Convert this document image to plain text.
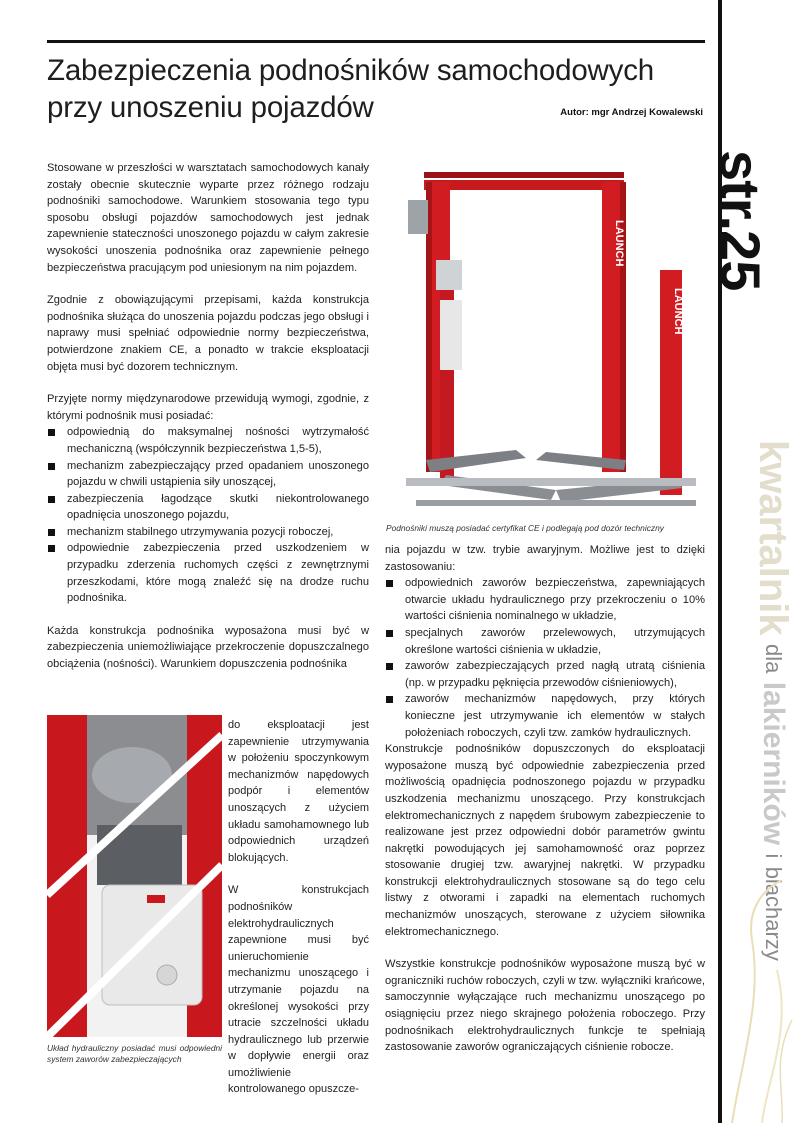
Zabezpieczenia podnośników samochodowych
przy unoszeniu pojazdów	Autor: mgr Andrzej Kowalewski
str.25
kwartalnik dla lakierników i blacharzy
LAUNCH
LAUNCH
Podnośniki muszą posiadać certyfikat CE i podlegają pod dozór techniczny
Układ hydrauliczny posiadać musi odpowiedni system zaworów zabezpieczających

Stosowane w przeszłości w warsztatach samochodowych kanały zostały obecnie skutecznie wyparte przez różnego rodzaju podnośniki samochodowe. Warunkiem stosowania tego typu sposobu obsługi pojazdów samochodowych jest jednak zapewnienie stateczności unoszonego pojazdu w całym zakresie wysokości unoszenia podnośnika oraz zapewnienie pełnego bezpieczeństwa pracującym pod uniesionym na nim pojazdem.

Zgodnie z obowiązującymi przepisami, każda konstrukcja podnośnika służąca do unoszenia pojazdu podczas jego obsługi i naprawy musi spełniać odpowiednie normy bezpieczeństwa, potwierdzone znakiem CE, a ponadto w trakcie eksploatacji objęta musi być dozorem technicznym.

Przyjęte normy międzynarodowe przewidują wymogi, zgodnie, z którymi podnośnik musi posiadać:

odpowiednią do maksymalnej nośności wytrzymałość mechaniczną (współczynnik bezpieczeństwa 1,5-5),
mechanizm zabezpieczający przed opadaniem unoszonego pojazdu w chwili ustąpienia siły unoszącej,
zabezpieczenia łagodzące skutki niekontrolowanego opadnięcia unoszonego pojazdu,
mechanizm stabilnego utrzymywania pozycji roboczej,
odpowiednie zabezpieczenia przed uszkodzeniem w przypadku zderzenia ruchomych części z zewnętrznymi przeszkodami, które mogą znaleźć się na drodze ruchu podnośnika.

Każda konstrukcja podnośnika wyposażona musi być w zabezpieczenia uniemożliwiające przekroczenie dopuszczalnego obciążenia (nośności). Warunkiem dopuszczenia podnośnika

do eksploatacji jest zapewnienie utrzymywania w położeniu spoczynkowym mechanizmów napędowych podpór i elementów unoszących z użyciem układu samohamownego lub odpowiednich urządzeń blokujących.

W konstrukcjach podnośników elektrohydraulicznych zapewnione musi być unieruchomienie mechanizmu unoszącego i utrzymanie pojazdu na określonej wysokości przy utracie szczelności układu hydraulicznego lub przerwie w dopływie energii oraz umożliwienie kontrolowanego opuszcze-

nia pojazdu w tzw. trybie awaryjnym. Możliwe jest to dzięki zastosowaniu:

odpowiednich zaworów bezpieczeństwa, zapewniających otwarcie układu hydraulicznego przy przekroczeniu o 10% wartości ciśnienia nominalnego w układzie,
specjalnych zaworów przelewowych, utrzymujących określone wartości ciśnienia w układzie,
zaworów zabezpieczających przed nagłą utratą ciśnienia (np. w przypadku pęknięcia przewodów ciśnieniowych),
zaworów mechanizmów napędowych, przy których konieczne jest utrzymywanie ich elementów w stałych położeniach roboczych, czyli tzw. zamków hydraulicznych.

Konstrukcje podnośników dopuszczonych do eksploatacji wyposażone muszą być odpowiednie zabezpieczenia przed możliwością opadnięcia podnoszonego pojazdu w przypadku uszkodzenia mechanizmu unoszącego. Przy konstrukcjach elektromechanicznych z napędem śrubowym zabezpieczenie to realizowane jest przez odpowiedni dobór parametrów gwintu nakrętki powodujących jej samohamowność oraz poprzez stosowanie drugiej tzw. awaryjnej nakrętki. W przypadku konstrukcji elektrohydraulicznych stosowane są do tego celu listwy z otworami i zapadki na elementach ruchomych mechanizmów unoszących, sterowane z użyciem siłownika elektromechanicznego.

Wszystkie konstrukcje podnośników wyposażone muszą być w ograniczniki ruchów roboczych, czyli w tzw. wyłączniki krańcowe, samoczynnie wyłączające ruch mechanizmu unoszącego po osiągnięciu przez niego skrajnego położenia roboczego. Przy podnośnikach elektrohydraulicznych funkcje te spełniają zastosowanie zaworów ograniczających ciśnienie robocze.
